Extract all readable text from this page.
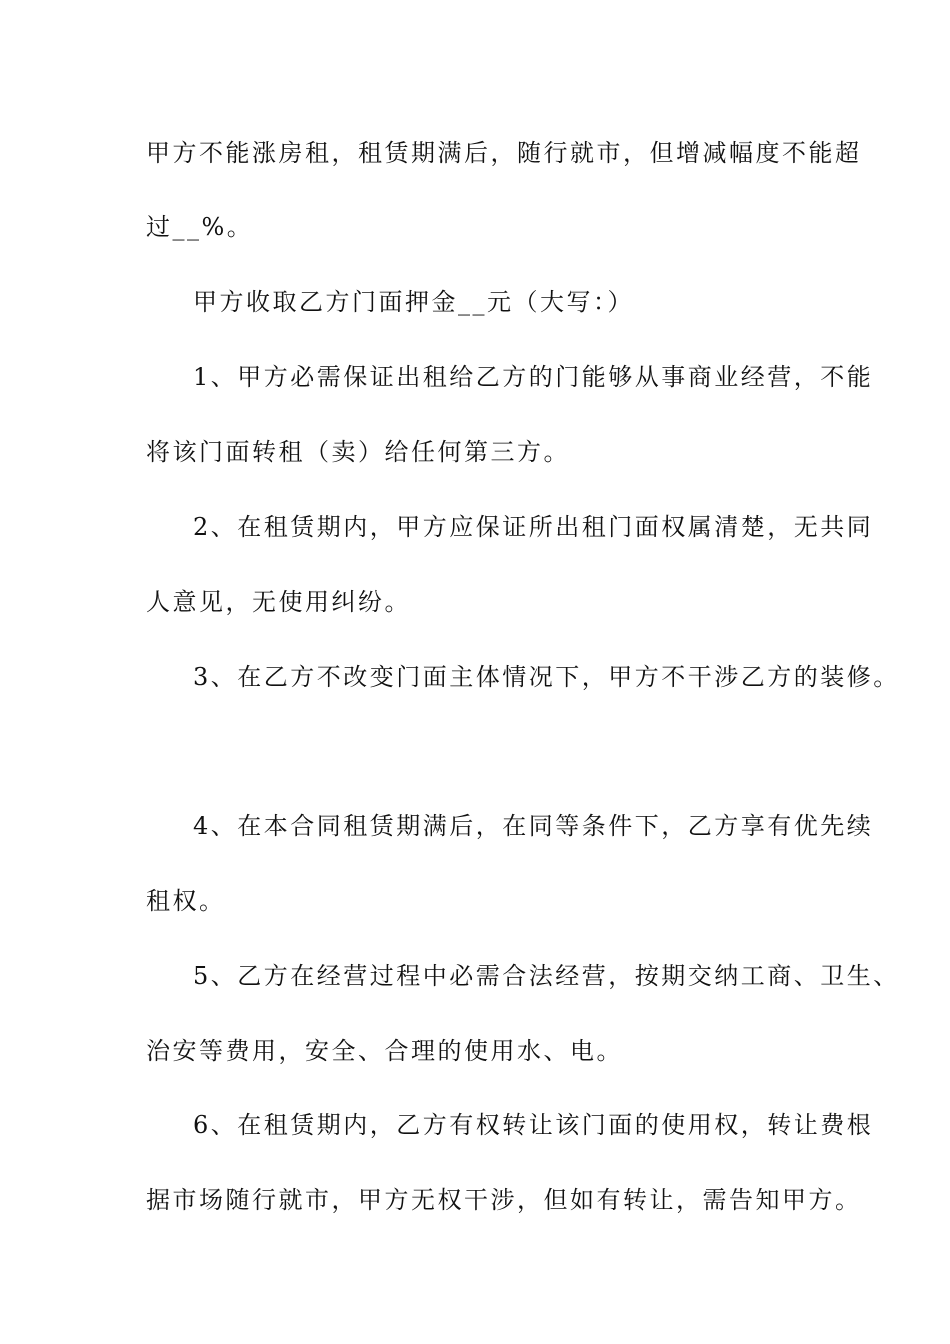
甲方不能涨房租，租赁期满后，随行就市，但增减幅度不能超

过__%。

甲方收取乙方门面押金__元（大写：）

1、甲方必需保证出租给乙方的门能够从事商业经营，不能

将该门面转租（卖）给任何第三方。

2、在租赁期内，甲方应保证所出租门面权属清楚，无共同

人意见，无使用纠纷。

3、在乙方不改变门面主体情况下，甲方不干涉乙方的装修。

4、在本合同租赁期满后，在同等条件下，乙方享有优先续

租权。

5、乙方在经营过程中必需合法经营，按期交纳工商、卫生、

治安等费用，安全、合理的使用水、电。

6、在租赁期内，乙方有权转让该门面的使用权，转让费根

据市场随行就市，甲方无权干涉，但如有转让，需告知甲方。
